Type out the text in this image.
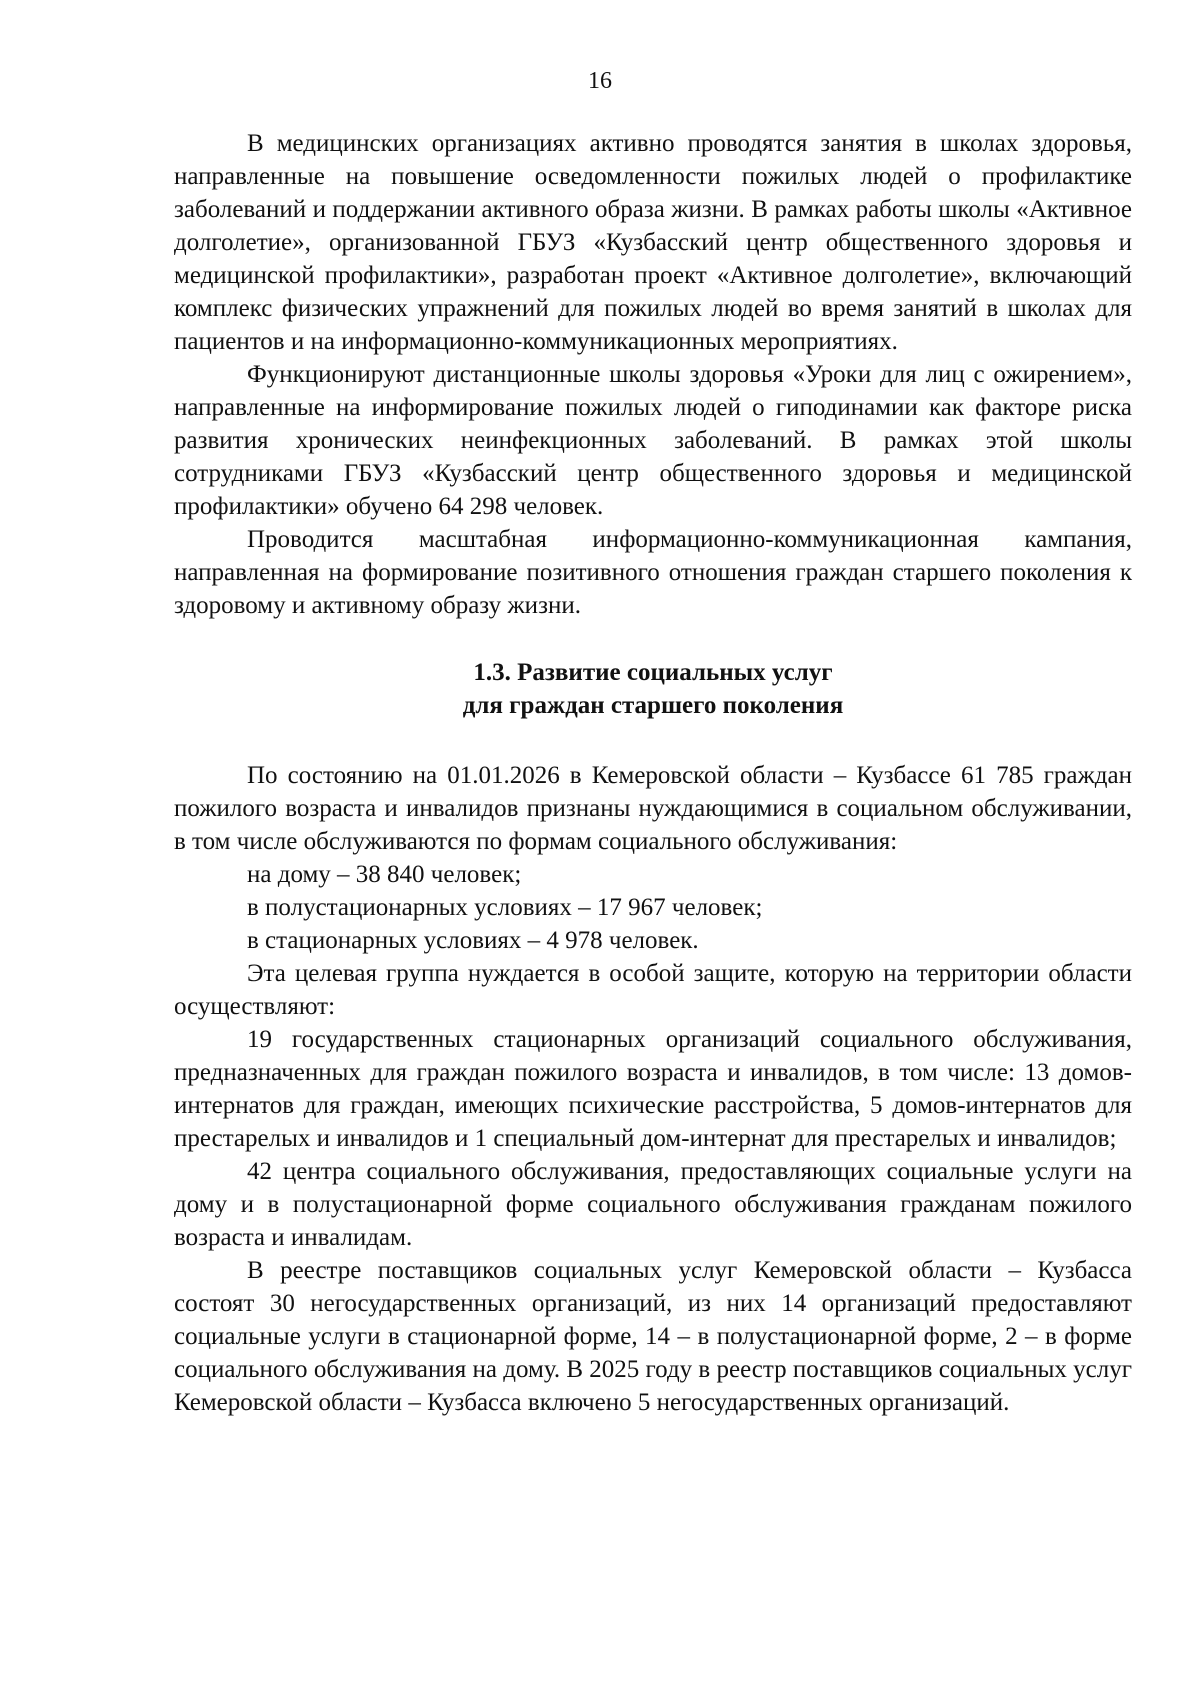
16

В медицинских организациях активно проводятся занятия в школах здоровья, направленные на повышение осведомленности пожилых людей о профилактике заболеваний и поддержании активного образа жизни. В рамках работы школы «Активное долголетие», организованной ГБУЗ «Кузбасский центр общественного здоровья и медицинской профилактики», разработан проект «Активное долголетие», включающий комплекс физических упражнений для пожилых людей во время занятий в школах для пациентов и на информационно-коммуникационных мероприятиях.

Функционируют дистанционные школы здоровья «Уроки для лиц с ожирением», направленные на информирование пожилых людей о гиподинамии как факторе риска развития хронических неинфекционных заболеваний. В рамках этой школы сотрудниками ГБУЗ «Кузбасский центр общественного здоровья и медицинской профилактики» обучено 64 298 человек.

Проводится масштабная информационно-коммуникационная кампания, направленная на формирование позитивного отношения граждан старшего поколения к здоровому и активному образу жизни.

1.3. Развитие социальных услуг
для граждан старшего поколения

По состоянию на 01.01.2026 в Кемеровской области – Кузбассе 61 785 граждан пожилого возраста и инвалидов признаны нуждающимися в социальном обслуживании, в том числе обслуживаются по формам социального обслуживания:

на дому – 38 840 человек;

в полустационарных условиях – 17 967 человек;

в стационарных условиях – 4 978 человек.

Эта целевая группа нуждается в особой защите, которую на территории области осуществляют:

19 государственных стационарных организаций социального обслуживания, предназначенных для граждан пожилого возраста и инвалидов, в том числе: 13 домов-интернатов для граждан, имеющих психические расстройства, 5 домов-интернатов для престарелых и инвалидов и 1 специальный дом-интернат для престарелых и инвалидов;

42 центра социального обслуживания, предоставляющих социальные услуги на дому и в полустационарной форме социального обслуживания гражданам пожилого возраста и инвалидам.

В реестре поставщиков социальных услуг Кемеровской области – Кузбасса состоят 30 негосударственных организаций, из них 14 организаций предоставляют социальные услуги в стационарной форме, 14 – в полустационарной форме, 2 – в форме социального обслуживания на дому. В 2025 году в реестр поставщиков социальных услуг Кемеровской области – Кузбасса включено 5 негосударственных организаций.
